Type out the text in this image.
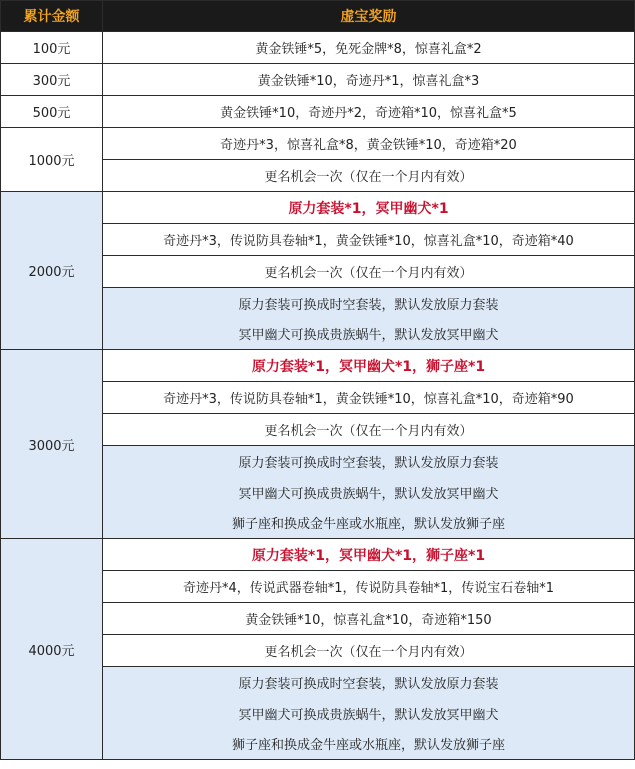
累计金额	虚宝奖励
100元	黄金铁锤*5，免死金牌*8，惊喜礼盒*2
300元	黄金铁锤*10，奇迹丹*1，惊喜礼盒*3
500元	黄金铁锤*10，奇迹丹*2，奇迹箱*10，惊喜礼盒*5
1000元	奇迹丹*3，惊喜礼盒*8，黄金铁锤*10，奇迹箱*20
	更名机会一次（仅在一个月内有效）
2000元	原力套装*1，冥甲幽犬*1
	奇迹丹*3，传说防具卷轴*1，黄金铁锤*10，惊喜礼盒*10，奇迹箱*40
	更名机会一次（仅在一个月内有效）
	原力套装可换成时空套装，默认发放原力套装
	冥甲幽犬可换成贵族蜗牛，默认发放冥甲幽犬
3000元	原力套装*1，冥甲幽犬*1，狮子座*1
	奇迹丹*3，传说防具卷轴*1，黄金铁锤*10，惊喜礼盒*10，奇迹箱*90
	更名机会一次（仅在一个月内有效）
	原力套装可换成时空套装，默认发放原力套装
	冥甲幽犬可换成贵族蜗牛，默认发放冥甲幽犬
	狮子座和换成金牛座或水瓶座，默认发放狮子座
4000元	原力套装*1，冥甲幽犬*1，狮子座*1
	奇迹丹*4，传说武器卷轴*1，传说防具卷轴*1，传说宝石卷轴*1
	黄金铁锤*10，惊喜礼盒*10，奇迹箱*150
	更名机会一次（仅在一个月内有效）
	原力套装可换成时空套装，默认发放原力套装
	冥甲幽犬可换成贵族蜗牛，默认发放冥甲幽犬
	狮子座和换成金牛座或水瓶座，默认发放狮子座
